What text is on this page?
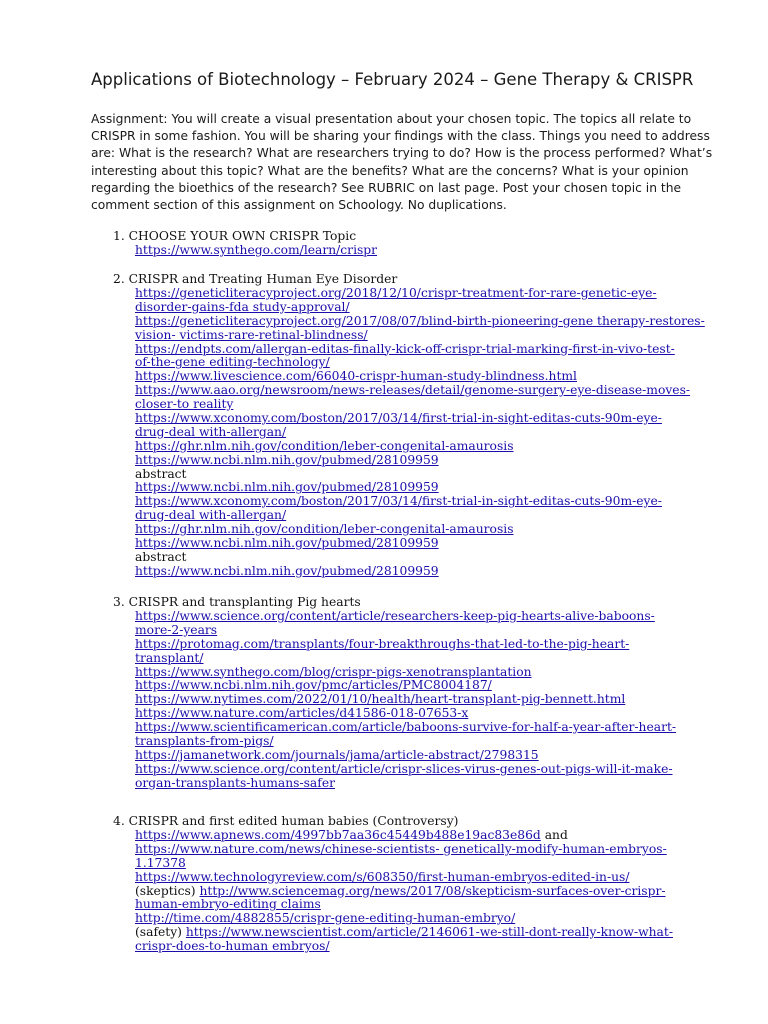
Applications of Biotechnology – February 2024 – Gene Therapy & CRISPR
Assignment: You will create a visual presentation about your chosen topic. The topics all relate to
CRISPR in some fashion. You will be sharing your findings with the class. Things you need to address
are: What is the research? What are researchers trying to do? How is the process performed? What’s
interesting about this topic? What are the benefits? What are the concerns? What is your opinion
regarding the bioethics of the research? See RUBRIC on last page. Post your chosen topic in the
comment section of this assignment on Schoology. No duplications.
1. CHOOSE YOUR OWN CRISPR Topic
https://www.synthego.com/learn/crispr
2. CRISPR and Treating Human Eye Disorder
https://geneticliteracyproject.org/2018/12/10/crispr-treatment-for-rare-genetic-eye-
disorder-gains-fda study-approval/
https://geneticliteracyproject.org/2017/08/07/blind-birth-pioneering-gene therapy-restores-
vision- victims-rare-retinal-blindness/
https://endpts.com/allergan-editas-finally-kick-off-crispr-trial-marking-first-in-vivo-test-
of-the-gene editing-technology/
https://www.livescience.com/66040-crispr-human-study-blindness.html
https://www.aao.org/newsroom/news-releases/detail/genome-surgery-eye-disease-moves-
closer-to reality
https://www.xconomy.com/boston/2017/03/14/first-trial-in-sight-editas-cuts-90m-eye-
drug-deal with-allergan/
https://ghr.nlm.nih.gov/condition/leber-congenital-amaurosis
https://www.ncbi.nlm.nih.gov/pubmed/28109959
abstract
https://www.ncbi.nlm.nih.gov/pubmed/28109959
https://www.xconomy.com/boston/2017/03/14/first-trial-in-sight-editas-cuts-90m-eye-
drug-deal with-allergan/
https://ghr.nlm.nih.gov/condition/leber-congenital-amaurosis
https://www.ncbi.nlm.nih.gov/pubmed/28109959
abstract
https://www.ncbi.nlm.nih.gov/pubmed/28109959
3. CRISPR and transplanting Pig hearts
https://www.science.org/content/article/researchers-keep-pig-hearts-alive-baboons-
more-2-years
https://protomag.com/transplants/four-breakthroughs-that-led-to-the-pig-heart-
transplant/
https://www.synthego.com/blog/crispr-pigs-xenotransplantation
https://www.ncbi.nlm.nih.gov/pmc/articles/PMC8004187/
https://www.nytimes.com/2022/01/10/health/heart-transplant-pig-bennett.html
https://www.nature.com/articles/d41586-018-07653-x
https://www.scientificamerican.com/article/baboons-survive-for-half-a-year-after-heart-
transplants-from-pigs/
https://jamanetwork.com/journals/jama/article-abstract/2798315
https://www.science.org/content/article/crispr-slices-virus-genes-out-pigs-will-it-make-
organ-transplants-humans-safer
4. CRISPR and first edited human babies (Controversy)
https://www.apnews.com/4997bb7aa36c45449b488e19ac83e86d and
https://www.nature.com/news/chinese-scientists- genetically-modify-human-embryos-
1.17378
https://www.technologyreview.com/s/608350/first-human-embryos-edited-in-us/
(skeptics) http://www.sciencemag.org/news/2017/08/skepticism-surfaces-over-crispr-
human-embryo-editing claims
http://time.com/4882855/crispr-gene-editing-human-embryo/
(safety) https://www.newscientist.com/article/2146061-we-still-dont-really-know-what-
crispr-does-to-human embryos/
